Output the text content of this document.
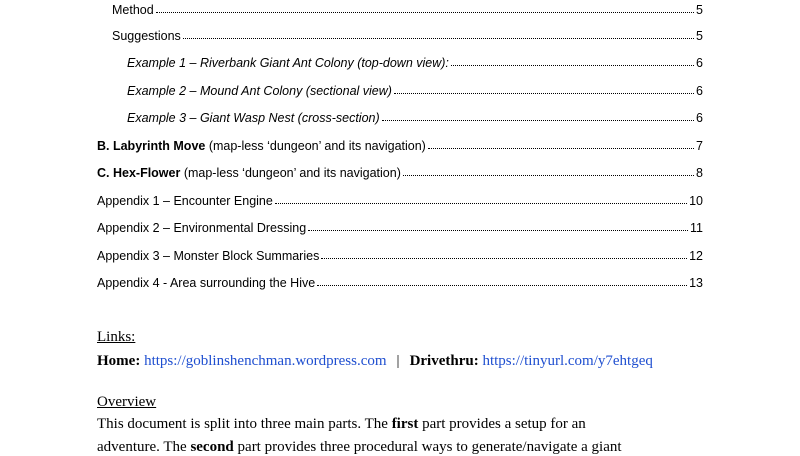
Method	5
Suggestions	5
Example 1 – Riverbank Giant Ant Colony (top-down view):	6
Example 2 – Mound Ant Colony (sectional view)	6
Example 3 – Giant Wasp Nest (cross-section)	6
B. Labyrinth Move (map-less ‘dungeon’ and its navigation)	7
C. Hex-Flower (map-less ‘dungeon’ and its navigation)	8
Appendix 1 – Encounter Engine	10
Appendix 2 – Environmental Dressing	11
Appendix 3 – Monster Block Summaries	12
Appendix 4 - Area surrounding the Hive	13
Links:
Home: https://goblinshenchman.wordpress.com | Drivethru: https://tinyurl.com/y7ehtgeq
Overview
This document is split into three main parts. The first part provides a setup for an
adventure. The second part provides three procedural ways to generate/navigate a giant
